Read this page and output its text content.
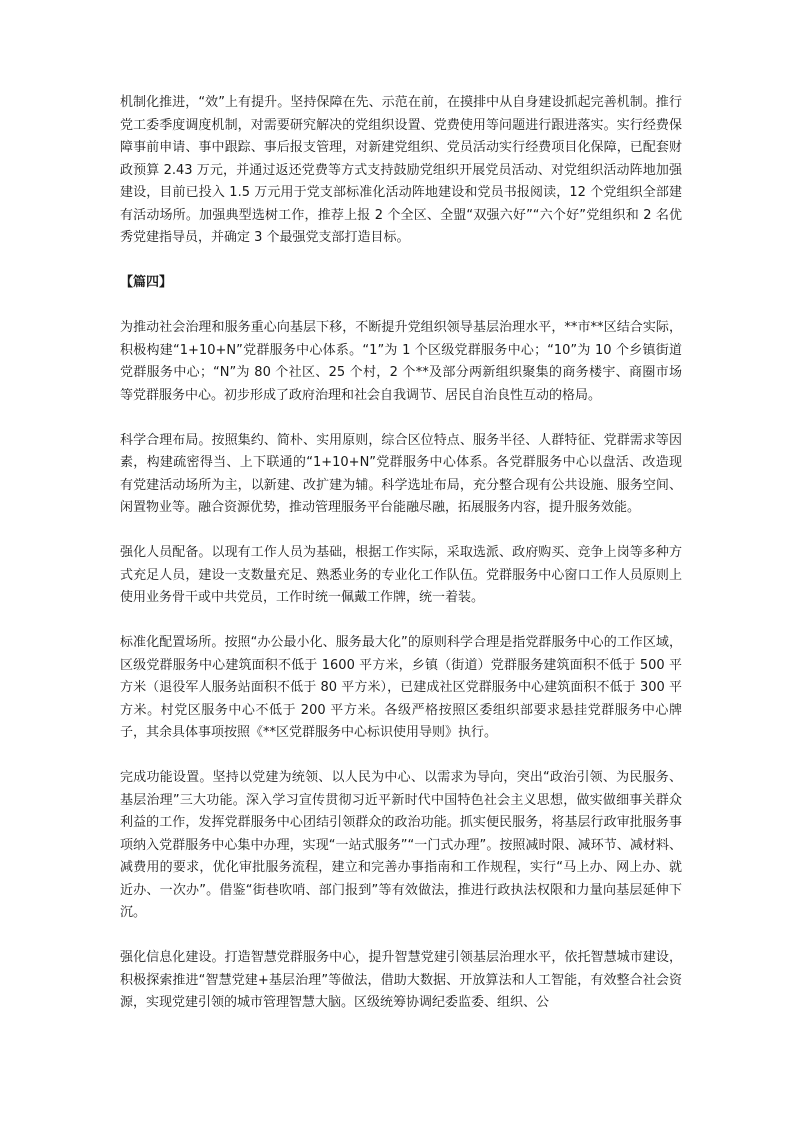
机制化推进，“效”上有提升。坚持保障在先、示范在前，在摸排中从自身建设抓起完善机制。推行党工委季度调度机制，对需要研究解决的党组织设置、党费使用等问题进行跟进落实。实行经费保障事前申请、事中跟踪、事后报支管理，对新建党组织、党员活动实行经费项目化保障，已配套财政预算 2.43 万元，并通过返还党费等方式支持鼓励党组织开展党员活动、对党组织活动阵地加强建设，目前已投入 1.5 万元用于党支部标准化活动阵地建设和党员书报阅读，12 个党组织全部建有活动场所。加强典型选树工作，推荐上报 2 个全区、全盟“双强六好”“六个好”党组织和 2 名优秀党建指导员，并确定 3 个最强党支部打造目标。

【篇四】

为推动社会治理和服务重心向基层下移，不断提升党组织领导基层治理水平，**市**区结合实际，积极构建“1+10+N”党群服务中心体系。“1”为 1 个区级党群服务中心；“10”为 10 个乡镇街道党群服务中心；“N”为 80 个社区、25 个村，2 个**及部分两新组织聚集的商务楼宇、商圈市场等党群服务中心。初步形成了政府治理和社会自我调节、居民自治良性互动的格局。

科学合理布局。按照集约、简朴、实用原则，综合区位特点、服务半径、人群特征、党群需求等因素，构建疏密得当、上下联通的“1+10+N”党群服务中心体系。各党群服务中心以盘活、改造现有党建活动场所为主，以新建、改扩建为辅。科学选址布局，充分整合现有公共设施、服务空间、闲置物业等。融合资源优势，推动管理服务平台能融尽融，拓展服务内容，提升服务效能。

强化人员配备。以现有工作人员为基础，根据工作实际，采取选派、政府购买、竞争上岗等多种方式充足人员，建设一支数量充足、熟悉业务的专业化工作队伍。党群服务中心窗口工作人员原则上使用业务骨干或中共党员，工作时统一佩戴工作牌，统一着装。

标准化配置场所。按照“办公最小化、服务最大化”的原则科学合理是指党群服务中心的工作区域，区级党群服务中心建筑面积不低于 1600 平方米，乡镇（街道）党群服务建筑面积不低于 500 平方米（退役军人服务站面积不低于 80 平方米），已建成社区党群服务中心建筑面积不低于 300 平方米。村党区服务中心不低于 200 平方米。各级严格按照区委组织部要求悬挂党群服务中心牌子，其余具体事项按照《**区党群服务中心标识使用导则》执行。

完成功能设置。坚持以党建为统领、以人民为中心、以需求为导向，突出“政治引领、为民服务、基层治理”三大功能。深入学习宣传贯彻习近平新时代中国特色社会主义思想，做实做细事关群众利益的工作，发挥党群服务中心团结引领群众的政治功能。抓实便民服务，将基层行政审批服务事项纳入党群服务中心集中办理，实现“一站式服务”“一门式办理”。按照减时限、减环节、减材料、减费用的要求，优化审批服务流程，建立和完善办事指南和工作规程，实行“马上办、网上办、就近办、一次办”。借鉴“街巷吹哨、部门报到”等有效做法，推进行政执法权限和力量向基层延伸下沉。

强化信息化建设。打造智慧党群服务中心，提升智慧党建引领基层治理水平，依托智慧城市建设，积极探索推进“智慧党建+基层治理”等做法，借助大数据、开放算法和人工智能，有效整合社会资源，实现党建引领的城市管理智慧大脑。区级统筹协调纪委监委、组织、公
